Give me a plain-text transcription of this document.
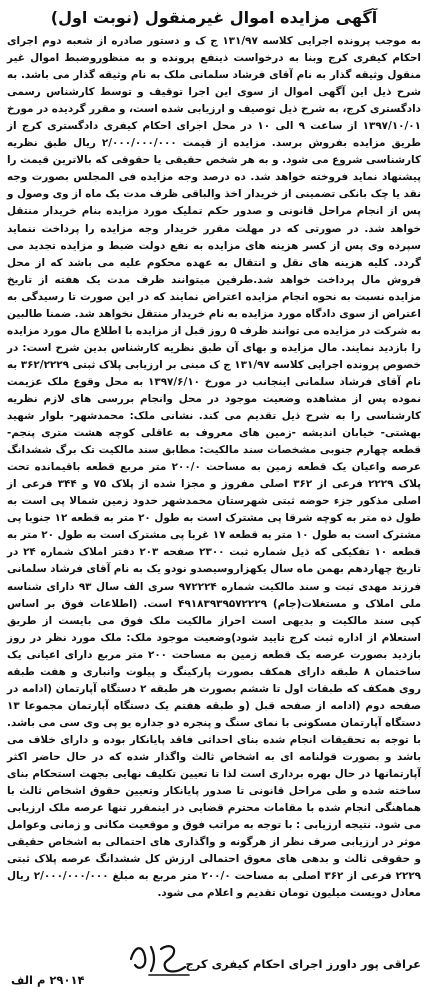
آگهی مزایده اموال غیرمنقول (نوبت اول)

به موجب پرونده اجرایی کلاسه ۱۳۱/۹۷ ج ک و دستور صادره از شعبه دوم اجرای احکام کیفری کرج وبنا به درخواست ذینفع پرونده و به منظوروضبط اموال غیر منقول وثیقه گذار به نام آقای فرشاد سلمانی ملک به نام وثیقه گذار می باشد. به شرح ذیل این آگهی اموال از سوی این اجرا توقیف و توسط کارشناس رسمی دادگستری کرج، به شرح ذیل توصیف و ارزیابی شده است، و مقرر گردیده در مورخ ۱۳۹۷/۱۰/۰۱ از ساعت ۹ الی ۱۰ در محل اجرای احکام کیفری دادگستری کرج از طریق مزایده بفروش برسد. مزایده از قیمت ۲/۰۰۰/۰۰۰/۰۰۰ ریال طبق نظریه کارشناسی شروع می شود. و به هر شخص حقیقی یا حقوقی که بالاترین قیمت را پیشنهاد نماید فروخته خواهد شد. ده درصد وجه مزایده فی المجلس بصورت وجه نقد یا چک بانکی تضمینی از خریدار اخذ والباقی ظرف مدت یک ماه از وی وصول و پس از انجام مراحل قانونی و صدور حکم تملیک مورد مزایده بنام خریدار منتقل خواهد شد. در صورتی که در مهلت مقرر خریدار وجه مزایده را پرداخت ننماید سپرده وی پس از کسر هزینه های مزایده به نفع دولت ضبط و مزایده تجدید می گردد. کلیه هزینه های نقل و انتقال به عهده محکوم علیه می باشد که از محل فروش مال پرداخت خواهد شد.طرفین میتوانند ظرف مدت یک هفته از تاریخ مزایده نسبت به نحوه انجام مزایده اعتراض نمایند که در این صورت تا رسیدگی به اعتراض از سوی دادگاه مورد مزایده به نام خریدار منتقل نخواهد شد. ضمنا طالبین به شرکت در مزایده می توانند ظرف ۵ روز قبل از مزایده با اطلاع مال مورد مزایده را بازدید نمایند. مال مزایده و بهای آن طبق نظریه کارشناس بدین شرح است: در خصوص پرونده اجرایی کلاسه ۱۳۱/۹۷ ج ک مبنی بر ارزیابی پلاک ثبتی ۳۶۲/۲۲۲۹ به نام آقای فرشاد سلمانی اینجانب در مورخ ۱۳۹۷/۶/۱۰ به محل وقوع ملک عزیمت نموده پس از مشاهده وضعیت موجود در محل وانجام بررسی های لازم نظریه کارشناسی را به شرح ذیل تقدیم می کند. نشانی ملک: محمدشهر- بلوار شهید بهشتی- خیابان اندیشه -زمین های معروف به عاقلی کوچه هشت متری پنجم- قطعه چهارم جنوبی مشخصات سند مالکیت: مطابق سند مالکیت تک برگ ششدانگ عرصه واعیان یک قطعه زمین به مساحت ۲۰۰/۰ متر مربع قطعه باقیمانده تحت پلاک ۲۲۲۹ فرعی از ۳۶۲ اصلی مفروز و مجزا شده از پلاک ۷۵ و ۳۴۴ فرعی از اصلی مذکور جزء حوضه ثبتی شهرستان محمدشهر حدود زمین شمالا پی است به طول ده متر به کوچه شرقا پی مشترک است به طول ۲۰ متر به قطعه ۱۲ جنوبا پی مشترک است به طول ۱۰ متر به قطعه ۱۷ غربا پی مشترک است به طول ۲۰ متر به قطعه ۱۰ تفکیکی که ذیل شماره ثبت ۲۳۰۰ صفحه ۲۰۳ دفتر املاک شماره ۲۴ در تاریخ چهاردهم بهمن ماه سال یکهزاروسیصدو نودو یک به نام آقای فرشاد سلمانی فرزند مهدی ثبت و سند مالکیت شماره ۹۷۲۲۲۴ سری الف سال ۹۳ دارای شناسه ملی املاک و مستغلات(جام) ۴۹۱۸۳۹۳۹۵۷۲۲۲۹ است. (اطلاعات فوق بر اساس کپی سند مالکیت و بدیهی است احراز مالکیت ملک فوق می بایست از طریق استعلام از اداره ثبت کرج تایید شود)وضعیت موجود ملک: ملک مورد نظر در روز بازدید بصورت عرصه یک قطعه زمین به مساحت ۲۰۰ متر مربع دارای اعیانی یک ساختمان ۸ طبقه دارای همکف بصورت پارکینگ و پیلوت وانباری و هفت طبقه روی همکف که طبقات اول تا ششم بصورت هر طبقه ۲ دستگاه آپارتمان (ادامه در صفحه دوم (ادامه از صفحه قبل (و طبقه هفتم یک دستگاه آپارتمان مجموعا ۱۳ دستگاه آپارتمان مسکونی با نمای سنگ و پنجره دو جداره یو پی وی سی می باشد. با توجه به تحقیقات انجام شده بنای احداثی فاقد پایانکار بوده و دارای خلاف می باشد و بصورت قولنامه ای به اشخاص ثالث واگذار شده که در حال حاضر اکثر آپارتمانها در حال بهره برداری است لذا تا تعیین تکلیف نهایی بجهت استحکام بنای ساخته شده و طی مراحل قانونی تا صدور پایانکار وتعیین حقوق اشخاص ثالث با هماهنگی انجام شده با مقامات محترم قضایی در اینمقرر تنها عرصه ملک ارزیابی می شود. نتیجه ارزیابی : با توجه به مراتب فوق و موقعیت مکانی و زمانی وعوامل موثر در ارزیابی صرف نظر از هرگونه و واگذاری های احتمالی به اشخاص حقیقی و حقوقی ثالث و بدهی های معوق احتمالی ارزش کل ششدانگ عرصه پلاک ثبتی ۲۲۲۹ فرعی از ۳۶۲ اصلی به مساحت ۲۰۰/۰ متر مربع به مبلغ ۲/۰۰۰/۰۰۰/۰۰۰ ریال معادل دویست میلیون تومان تقدیم و اعلام می شود.

عراقی پور داورز اجرای احکام کیفری کرج
۲۹۰۱۴ م الف
